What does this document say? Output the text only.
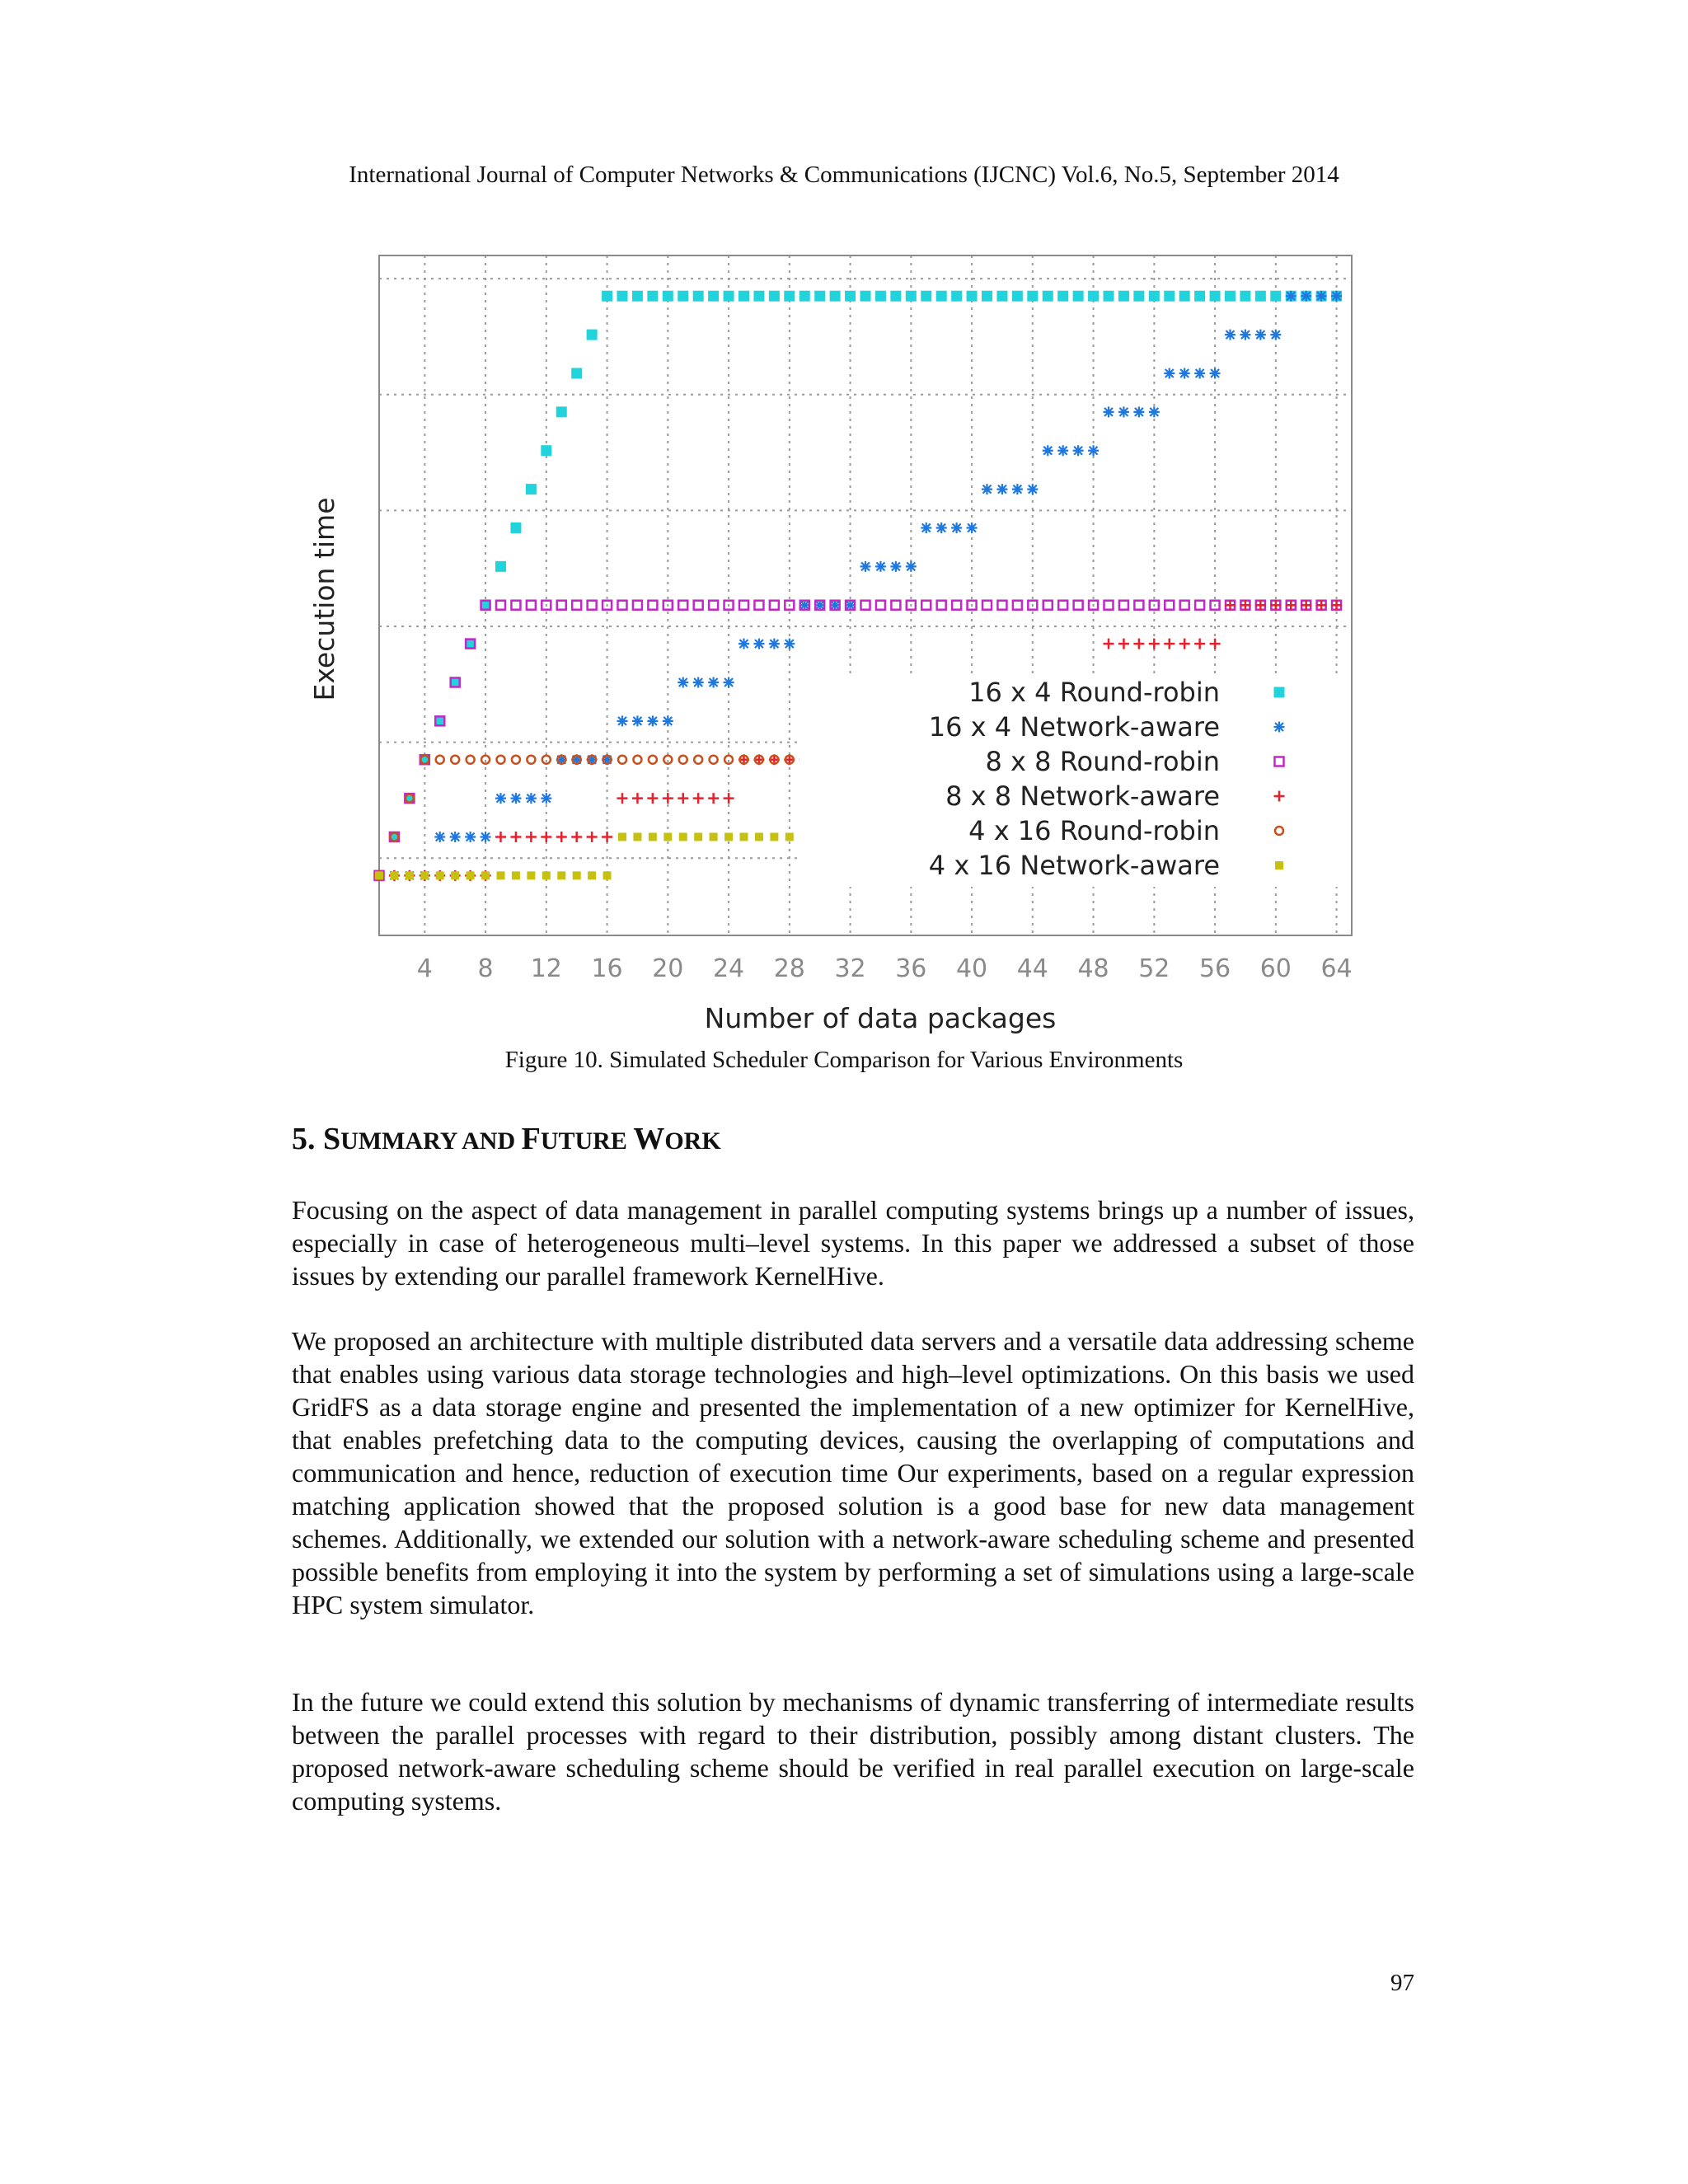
International Journal of Computer Networks & Communications (IJCNC) Vol.6, No.5, September 2014
4 8 12 16 20 24 28 32 36 40 44 48 52 56 60 64
16 x 4 Round-robin
16 x 4 Network-aware
8 x 8 Round-robin
8 x 8 Network-aware
4 x 16 Round-robin
4 x 16 Network-aware
Number of data packages
Execution time
Figure 10. Simulated Scheduler Comparison for Various Environments
5. SUMMARY AND FUTURE WORK

Focusing on the aspect of data management in parallel computing systems brings up a number of issues, especially in case of heterogeneous multi–level systems. In this paper we addressed a subset of those issues by extending our parallel framework KernelHive.

We proposed an architecture with multiple distributed data servers and a versatile data addressing scheme that enables using various data storage technologies and high–level optimizations. On this basis we used GridFS as a data storage engine and presented the implementation of a new optimizer for KernelHive, that enables prefetching data to the computing devices, causing the overlapping of computations and communication and hence, reduction of execution time Our experiments, based on a regular expression matching application showed that the proposed solution is a good base for new data management schemes. Additionally, we extended our solution with a network-aware scheduling scheme and presented possible benefits from employing it into the system by performing a set of simulations using a large-scale HPC system simulator.

In the future we could extend this solution by mechanisms of dynamic transferring of intermediate results between the parallel processes with regard to their distribution, possibly among distant clusters. The proposed network-aware scheduling scheme should be verified in real parallel execution on large-scale computing systems.

97
